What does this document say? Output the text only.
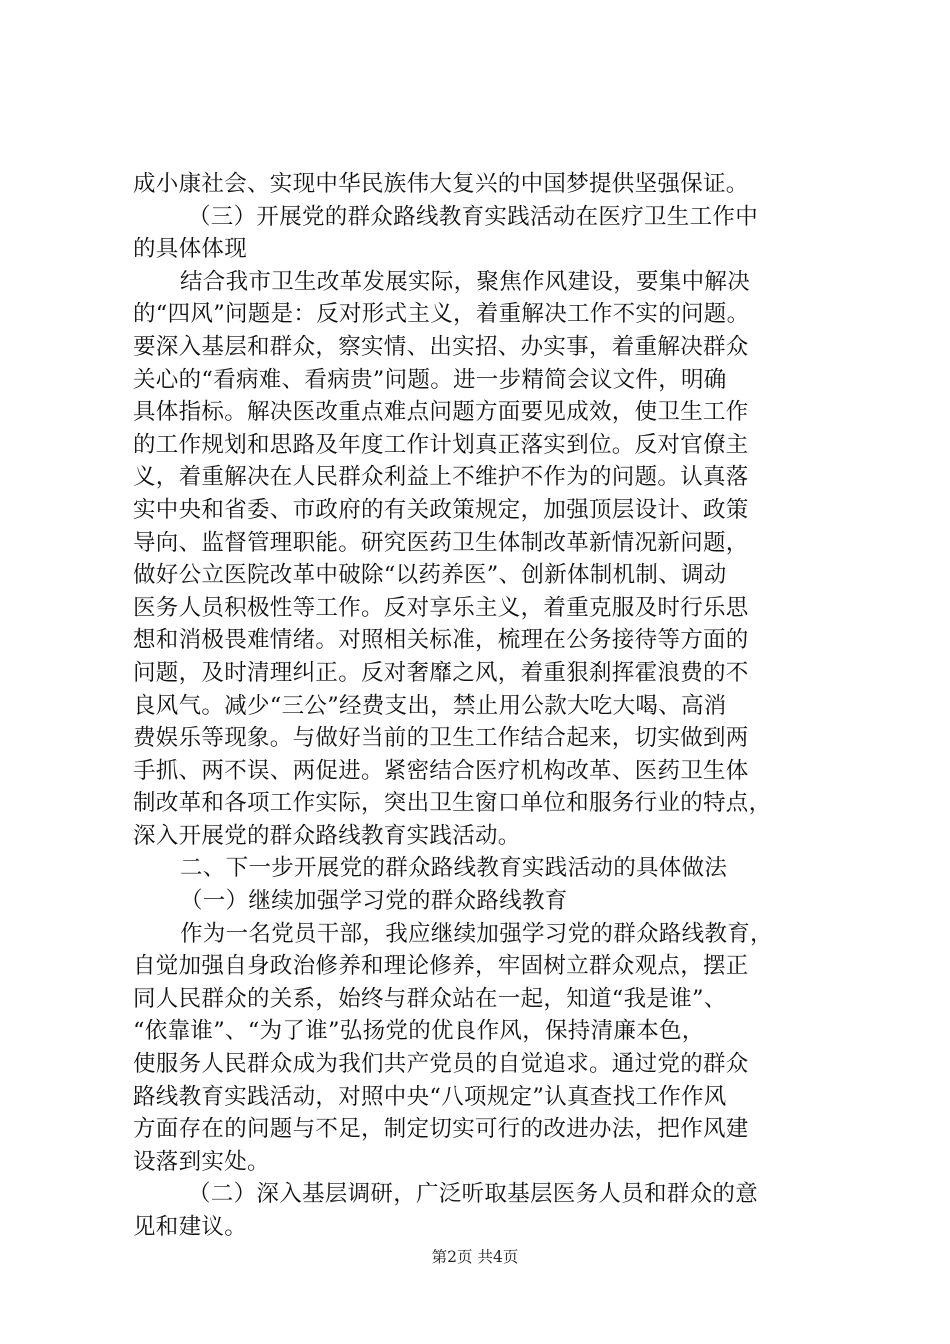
成小康社会、实现中华民族伟大复兴的中国梦提供坚强保证。
（三）开展党的群众路线教育实践活动在医疗卫生工作中
的具体体现
结合我市卫生改革发展实际，聚焦作风建设，要集中解决
的“四风”问题是：反对形式主义，着重解决工作不实的问题。
要深入基层和群众，察实情、出实招、办实事，着重解决群众
关心的“看病难、看病贵”问题。进一步精简会议文件，明确
具体指标。解决医改重点难点问题方面要见成效，使卫生工作
的工作规划和思路及年度工作计划真正落实到位。反对官僚主
义，着重解决在人民群众利益上不维护不作为的问题。认真落
实中央和省委、市政府的有关政策规定，加强顶层设计、政策
导向、监督管理职能。研究医药卫生体制改革新情况新问题，
做好公立医院改革中破除“以药养医”、创新体制机制、调动
医务人员积极性等工作。反对享乐主义，着重克服及时行乐思
想和消极畏难情绪。对照相关标准，梳理在公务接待等方面的
问题，及时清理纠正。反对奢靡之风，着重狠刹挥霍浪费的不
良风气。减少“三公”经费支出，禁止用公款大吃大喝、高消
费娱乐等现象。与做好当前的卫生工作结合起来，切实做到两
手抓、两不误、两促进。紧密结合医疗机构改革、医药卫生体
制改革和各项工作实际，突出卫生窗口单位和服务行业的特点，
深入开展党的群众路线教育实践活动。
二、下一步开展党的群众路线教育实践活动的具体做法
（一）继续加强学习党的群众路线教育
作为一名党员干部，我应继续加强学习党的群众路线教育，
自觉加强自身政治修养和理论修养，牢固树立群众观点，摆正
同人民群众的关系，始终与群众站在一起，知道“我是谁”、
“依靠谁”、“为了谁”弘扬党的优良作风，保持清廉本色，
使服务人民群众成为我们共产党员的自觉追求。通过党的群众
路线教育实践活动，对照中央“八项规定”认真查找工作作风
方面存在的问题与不足，制定切实可行的改进办法，把作风建
设落到实处。
（二）深入基层调研，广泛听取基层医务人员和群众的意
见和建议。
第2页 共4页
